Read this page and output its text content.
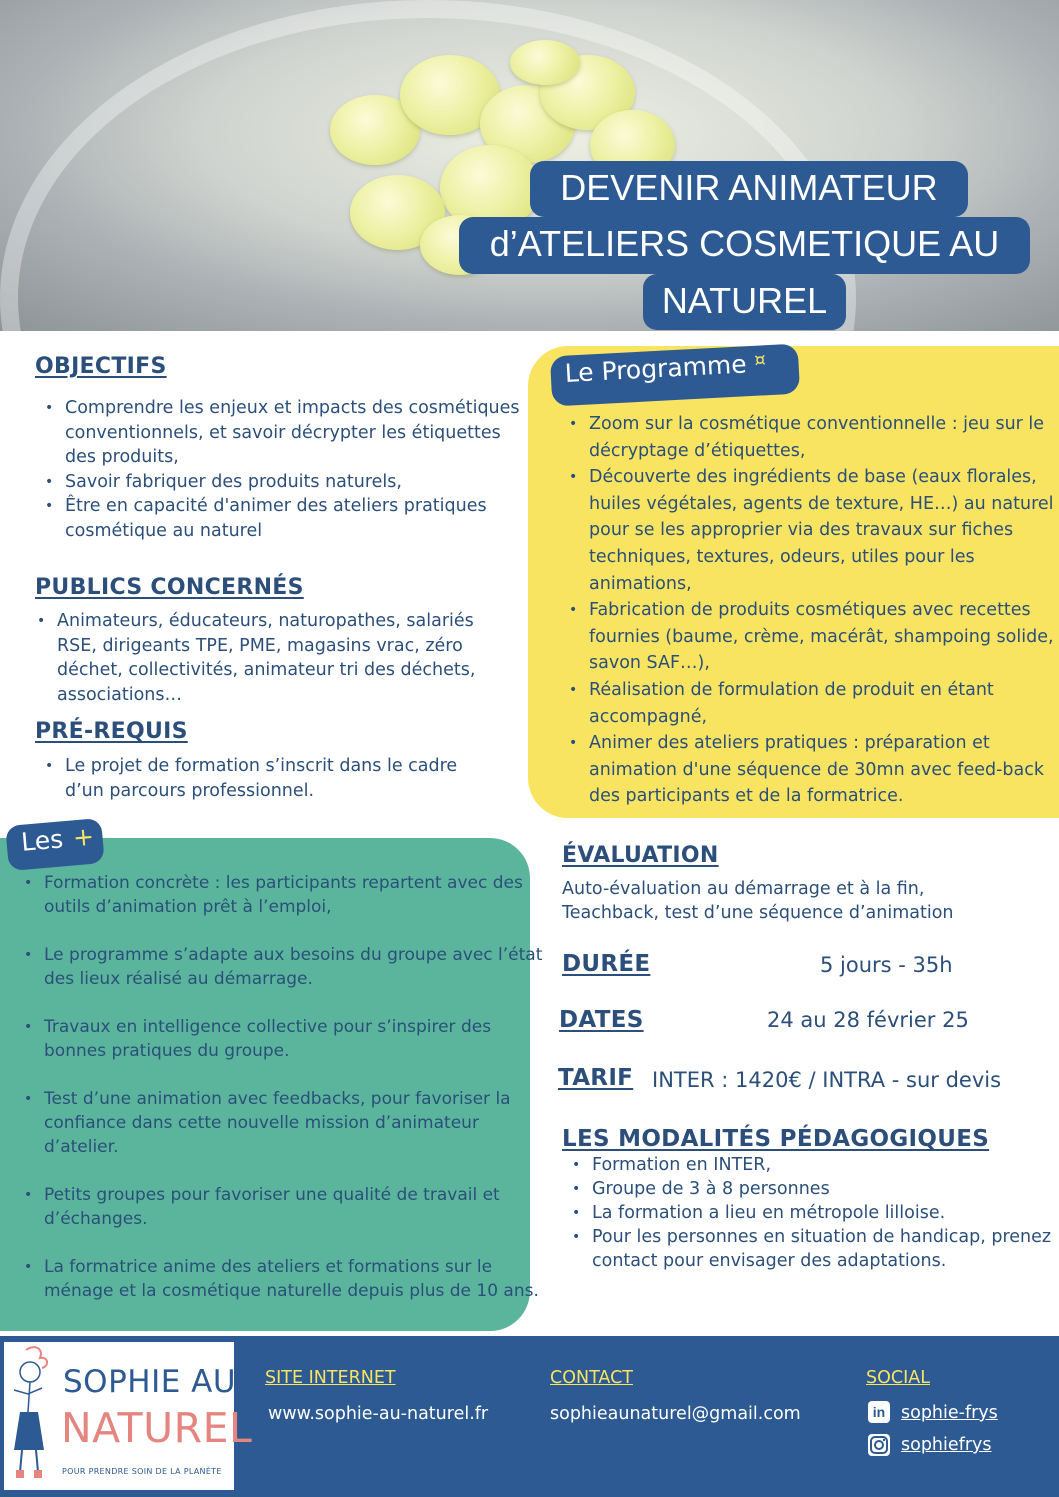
DEVENIR ANIMATEUR
d’ATELIERS COSMETIQUE AU
NATUREL
OBJECTIFS
• Comprendre les enjeux et impacts des cosmétiques conventionnels, et savoir décrypter les étiquettes des produits,
• Savoir fabriquer des produits naturels,
• Être en capacité d'animer des ateliers pratiques cosmétique au naturel
PUBLICS CONCERNÉS
• Animateurs, éducateurs, naturopathes, salariés RSE, dirigeants TPE, PME, magasins vrac, zéro déchet, collectivités, animateur tri des déchets, associations…
PRÉ-REQUIS
• Le projet de formation s’inscrit dans le cadre d’un parcours professionnel.
Le Programme ¤
• Zoom sur la cosmétique conventionnelle : jeu sur le décryptage d’étiquettes,
• Découverte des ingrédients de base (eaux florales, huiles végétales, agents de texture, HE…) au naturel pour se les approprier via des travaux sur fiches techniques, textures, odeurs, utiles pour les animations,
• Fabrication de produits cosmétiques avec recettes fournies (baume, crème, macérât, shampoing solide, savon SAF…),
• Réalisation de formulation de produit en étant accompagné,
• Animer des ateliers pratiques : préparation et animation d'une séquence de 30mn avec feed-back des participants et de la formatrice.
Les +
• Formation concrète : les participants repartent avec des outils d’animation prêt à l’emploi,
• Le programme s’adapte aux besoins du groupe avec l’état des lieux réalisé au démarrage.
• Travaux en intelligence collective pour s’inspirer des bonnes pratiques du groupe.
• Test d’une animation avec feedbacks, pour favoriser la confiance dans cette nouvelle mission d’animateur d’atelier.
• Petits groupes pour favoriser une qualité de travail et d’échanges.
• La formatrice anime des ateliers et formations sur le ménage et la cosmétique naturelle depuis plus de 10 ans.
ÉVALUATION
Auto-évaluation au démarrage et à la fin,
Teachback, test d’une séquence d’animation
DURÉE	5 jours - 35h
DATES	24 au 28 février 25
TARIF INTER : 1420€ / INTRA - sur devis
LES MODALITÉS PÉDAGOGIQUES
• Formation en INTER,
• Groupe de 3 à 8 personnes
• La formation a lieu en métropole lilloise.
• Pour les personnes en situation de handicap, prenez contact pour envisager des adaptations.
SOPHIE AU
NATUREL
POUR PRENDRE SOIN DE LA PLANÈTE
SITE INTERNET
www.sophie-au-naturel.fr
CONTACT
sophieaunaturel@gmail.com
SOCIAL
in sophie-frys
sophiefrys
